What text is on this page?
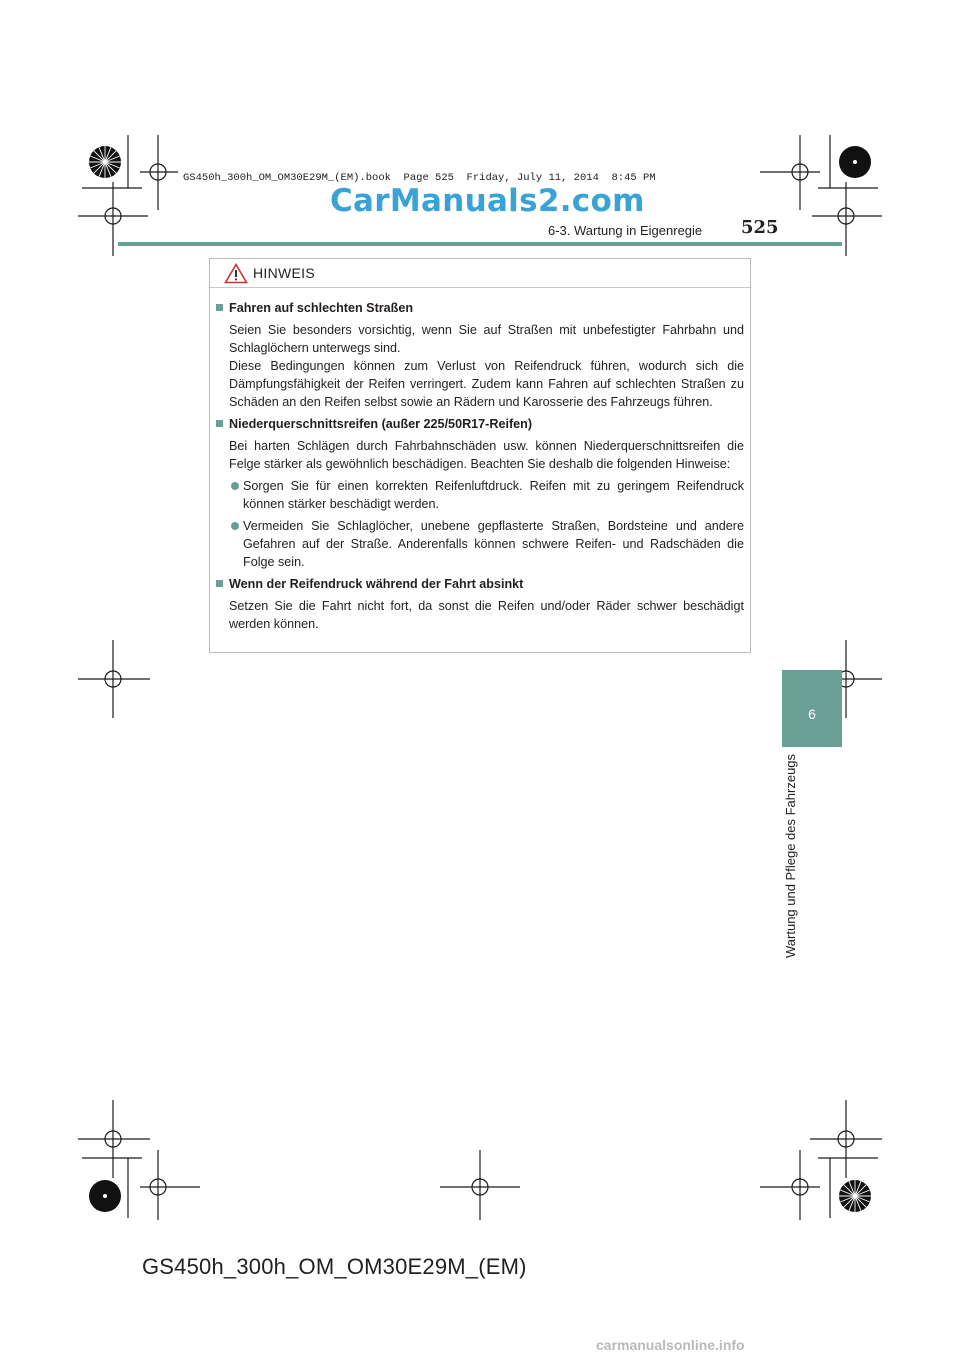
GS450h_300h_OM_OM30E29M_(EM).book  Page 525  Friday, July 11, 2014  8:45 PM
CarManuals2.com
6-3. Wartung in Eigenregie 525
6
Wartung und Pflege des Fahrzeugs
HINWEIS
Fahren auf schlechten Straßen
Seien Sie besonders vorsichtig, wenn Sie auf Straßen mit unbefestigter Fahrbahn und Schlaglöchern unterwegs sind.
Diese Bedingungen können zum Verlust von Reifendruck führen, wodurch sich die Dämpfungsfähigkeit der Reifen verringert. Zudem kann Fahren auf schlechten Straßen zu Schäden an den Reifen selbst sowie an Rädern und Karosserie des Fahrzeugs führen.
Niederquerschnittsreifen (außer 225/50R17-Reifen)
Bei harten Schlägen durch Fahrbahnschäden usw. können Niederquerschnittsreifen die Felge stärker als gewöhnlich beschädigen. Beachten Sie deshalb die folgenden Hinweise:
Sorgen Sie für einen korrekten Reifenluftdruck. Reifen mit zu geringem Reifendruck können stärker beschädigt werden.
Vermeiden Sie Schlaglöcher, unebene gepflasterte Straßen, Bordsteine und andere Gefahren auf der Straße. Anderenfalls können schwere Reifen- und Radschäden die Folge sein.
Wenn der Reifendruck während der Fahrt absinkt
Setzen Sie die Fahrt nicht fort, da sonst die Reifen und/oder Räder schwer beschädigt werden können.
GS450h_300h_OM_OM30E29M_(EM)
carmanualsonline.info
